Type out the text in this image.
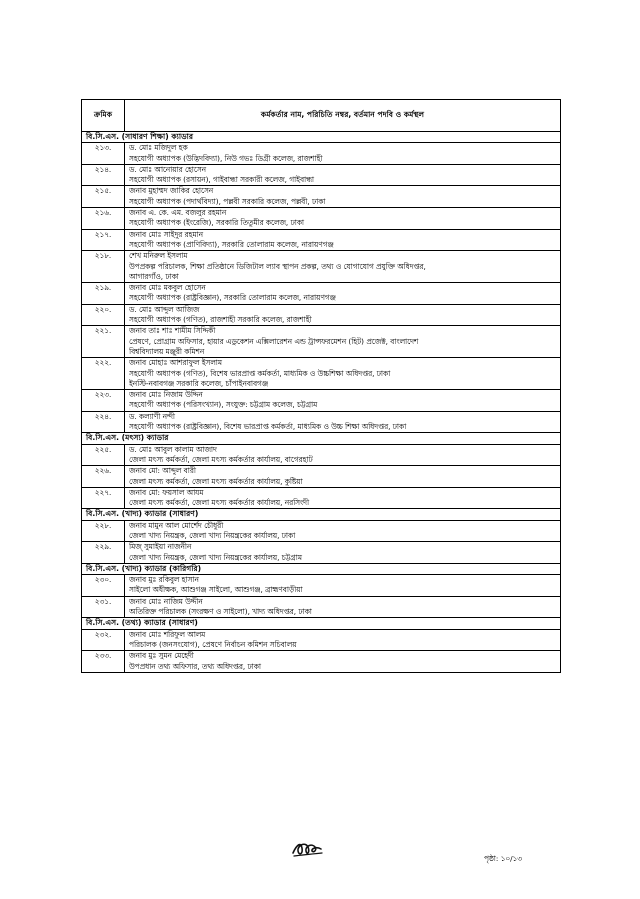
ক্রমিক	কর্মকর্তার নাম, পরিচিতি নম্বর, বর্তমান পদবি ও কর্মস্থল
বি.সি.এস. (সাধারণ শিক্ষা) ক্যাডার	
২১৩.	ড. মোঃ মজিদুল হক
সহযোগী অধ্যাপক (উদ্ভিদবিদ্যা), নিউ গভঃ ডিগ্রী কলেজ, রাজশাহী

২১৪.	ড. মোঃ আনোয়ার হোসেন
সহযোগী অধ্যাপক (রসায়ন), গাইবান্ধা সরকারী কলেজ, গাইবান্ধা

২১৫.	জনাব মুহাম্মদ জাকির হোসেন
সহযোগী অধ্যাপক (পদার্থবিদ্যা), পল্লবী সরকারি কলেজ, পল্লবী, ঢাকা

২১৬.	জনাব এ. কে. এম. বজলুর রহমান
সহযোগী অধ্যাপক (ইংরেজি), সরকারি তিতুমীর কলেজ, ঢাকা

২১৭.	জনাব মোঃ সাইদুর রহমান
সহযোগী অধ্যাপক (প্রাণিবিদ্যা), সরকারি তোলারাম কলেজ, নারায়ণগঞ্জ

২১৮.	শেখ মনিরুল ইসলাম
উপপ্রকল্প পরিচালক, শিক্ষা প্রতিষ্ঠানে ডিজিটাল ল্যাব স্থাপন প্রকল্প, তথ্য ও যোগাযোগ প্রযুক্তি অধিদপ্তর,
আগারগাঁও, ঢাকা

২১৯.	জনাব মোঃ মকবুল হোসেন
সহযোগী অধ্যাপক (রাষ্ট্রবিজ্ঞান), সরকারি তোলারাম কলেজ, নারায়ণগঞ্জ

২২০.	ড. মোঃ আব্দুল আজিজ
সহযোগী অধ্যাপক (গণিত), রাজশাহী সরকারি কলেজ, রাজশাহী

২২১.	জনাব তাঃ শাঃ শামীম সিদ্দিকী
প্রেষণে, প্রোগ্রাম অফিসার, হায়ার এডুকেশন এক্সিলারেশন এন্ড ট্রান্সফরমেশন (হিট) প্রজেক্ট, বাংলাদেশ
বিশ্ববিদ্যালয় মঞ্জুরী কমিশন

২২২.	জনাব মোহাঃ আশরাফুল ইসলাম
সহযোগী অধ্যাপক (গণিত), বিশেষ ভারপ্রাপ্ত কর্মকর্তা, মাধ্যমিক ও উচ্চশিক্ষা অধিদপ্তর, ঢাকা
ইনস্টি-নবাবগঞ্জ সরকারি কলেজ, চাঁপাইনবাবগঞ্জ

২২৩.	জনাব মোঃ নিজাম উদ্দিন
সহযোগী অধ্যাপক (পরিসংখ্যান), সংযুক্ত: চট্টগ্রাম কলেজ, চট্টগ্রাম

২২৪.	ড. কল্যাণী নন্দী
সহযোগী অধ্যাপক (রাষ্ট্রবিজ্ঞান), বিশেষ ভারপ্রাপ্ত কর্মকর্তা, মাধ্যমিক ও উচ্চ শিক্ষা অধিদপ্তর, ঢাকা

বি.সি.এস. (মৎস্য) ক্যাডার	
২২৫.	ড. মোঃ আবুল কালাম আজাদ
জেলা মৎস্য কর্মকর্তা, জেলা মৎস্য কর্মকর্তার কার্যালয়, বাগেরহাট

২২৬.	জনাব মো: আব্দুল বারী
জেলা মৎস্য কর্মকর্তা, জেলা মৎস্য কর্মকর্তার কার্যালয়, কুষ্টিয়া

২২৭.	জনাব মো: ফয়সাল আযম
জেলা মৎস্য কর্মকর্তা, জেলা মৎস্য কর্মকর্তার কার্যালয়, নরসিংদী

বি.সি.এস. (খাদ্য) ক্যাডার (সাধারণ)	
২২৮.	জনাব মামুন আল মোর্শেদ চৌধুরী
জেলা খাদ্য নিয়ন্ত্রক, জেলা খাদ্য নিয়ন্ত্রকের কার্যালয়, ঢাকা

২২৯.	মিজ্ সুমাইয়া নাজনীন
জেলা খাদ্য নিয়ন্ত্রক, জেলা খাদ্য নিয়ন্ত্রকের কার্যালয়, চট্টগ্রাম

বি.সি.এস. (খাদ্য) ক্যাডার (কারিগরি)	
২৩০.	জনাব মুঃ রকিবুল হাসান
সাইলো অধীক্ষক, আশুগঞ্জ সাইলো, আশুগঞ্জ, ব্রাহ্মণবাড়ীয়া

২৩১.	জনাব মোঃ নাজিম উদ্দীন
অতিরিক্ত পরিচালক (সংরক্ষণ ও সাইলো), খাদ্য অধিদপ্তর, ঢাকা

বি.সি.এস. (তথ্য) ক্যাডার (সাধারণ)	
২৩২.	জনাব মোঃ শরিফুল আলম
পরিচালক (জনসংযোগ), প্রেষণে নির্বাচন কমিশন সচিবালয়

২৩৩.	জনাব মুঃ সুমন মেহেদী
উপপ্রধান তথ্য অফিসার, তথ্য অধিদপ্তর, ঢাকা
পৃষ্ঠা: ১০/১৩
